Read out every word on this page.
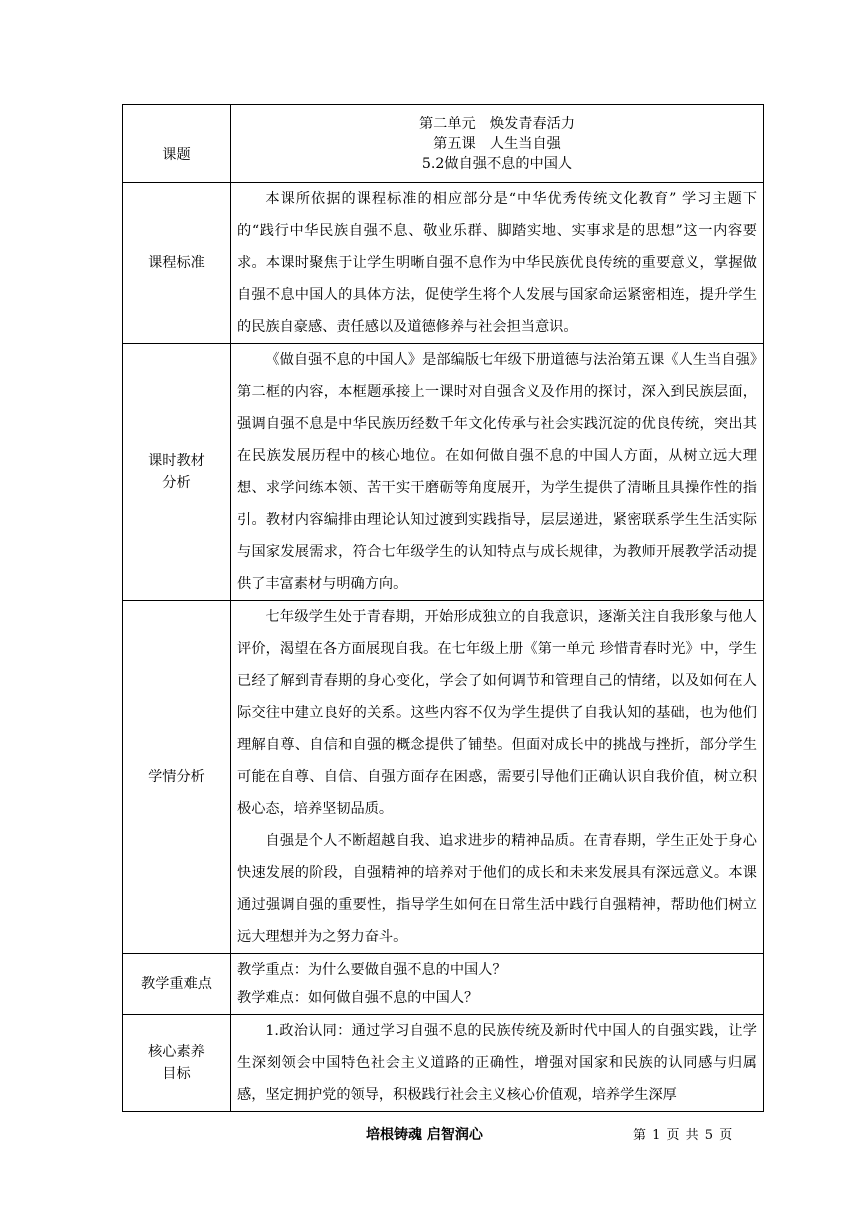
课题	第二单元　焕发青春活力
第五课　人生当自强
5.2做自强不息的中国人

课程标准	本课所依据的课程标准的相应部分是“中华优秀传统文化教育” 学习主题下的“践行中华民族自强不息、敬业乐群、脚踏实地、实事求是的思想”这一内容要求。本课时聚焦于让学生明晰自强不息作为中华民族优良传统的重要意义，掌握做自强不息中国人的具体方法，促使学生将个人发展与国家命运紧密相连，提升学生的民族自豪感、责任感以及道德修养与社会担当意识。

课时教材
分析	《做自强不息的中国人》是部编版七年级下册道德与法治第五课《人生当自强》第二框的内容，本框题承接上一课时对自强含义及作用的探讨，深入到民族层面，强调自强不息是中华民族历经数千年文化传承与社会实践沉淀的优良传统，突出其在民族发展历程中的核心地位。在如何做自强不息的中国人方面，从树立远大理想、求学问练本领、苦干实干磨砺等角度展开，为学生提供了清晰且具操作性的指引。教材内容编排由理论认知过渡到实践指导，层层递进，紧密联系学生生活实际与国家发展需求，符合七年级学生的认知特点与成长规律，为教师开展教学活动提供了丰富素材与明确方向。

学情分析	七年级学生处于青春期，开始形成独立的自我意识，逐渐关注自我形象与他人评价，渴望在各方面展现自我。在七年级上册《第一单元 珍惜青春时光》中，学生已经了解到青春期的身心变化，学会了如何调节和管理自己的情绪，以及如何在人际交往中建立良好的关系。这些内容不仅为学生提供了自我认知的基础，也为他们理解自尊、自信和自强的概念提供了铺垫。但面对成长中的挑战与挫折，部分学生可能在自尊、自信、自强方面存在困惑，需要引导他们正确认识自我价值，树立积极心态，培养坚韧品质。

自强是个人不断超越自我、追求进步的精神品质。在青春期，学生正处于身心快速发展的阶段，自强精神的培养对于他们的成长和未来发展具有深远意义。本课通过强调自强的重要性，指导学生如何在日常生活中践行自强精神，帮助他们树立远大理想并为之努力奋斗。

教学重难点	教学重点：为什么要做自强不息的中国人？

教学难点：如何做自强不息的中国人？

核心素养
目标	1.政治认同：通过学习自强不息的民族传统及新时代中国人的自强实践，让学生深刻领会中国特色社会主义道路的正确性，增强对国家和民族的认同感与归属感，坚定拥护党的领导，积极践行社会主义核心价值观，培养学生深厚

培根铸魂 启智润心	第 1 页 共 5 页
